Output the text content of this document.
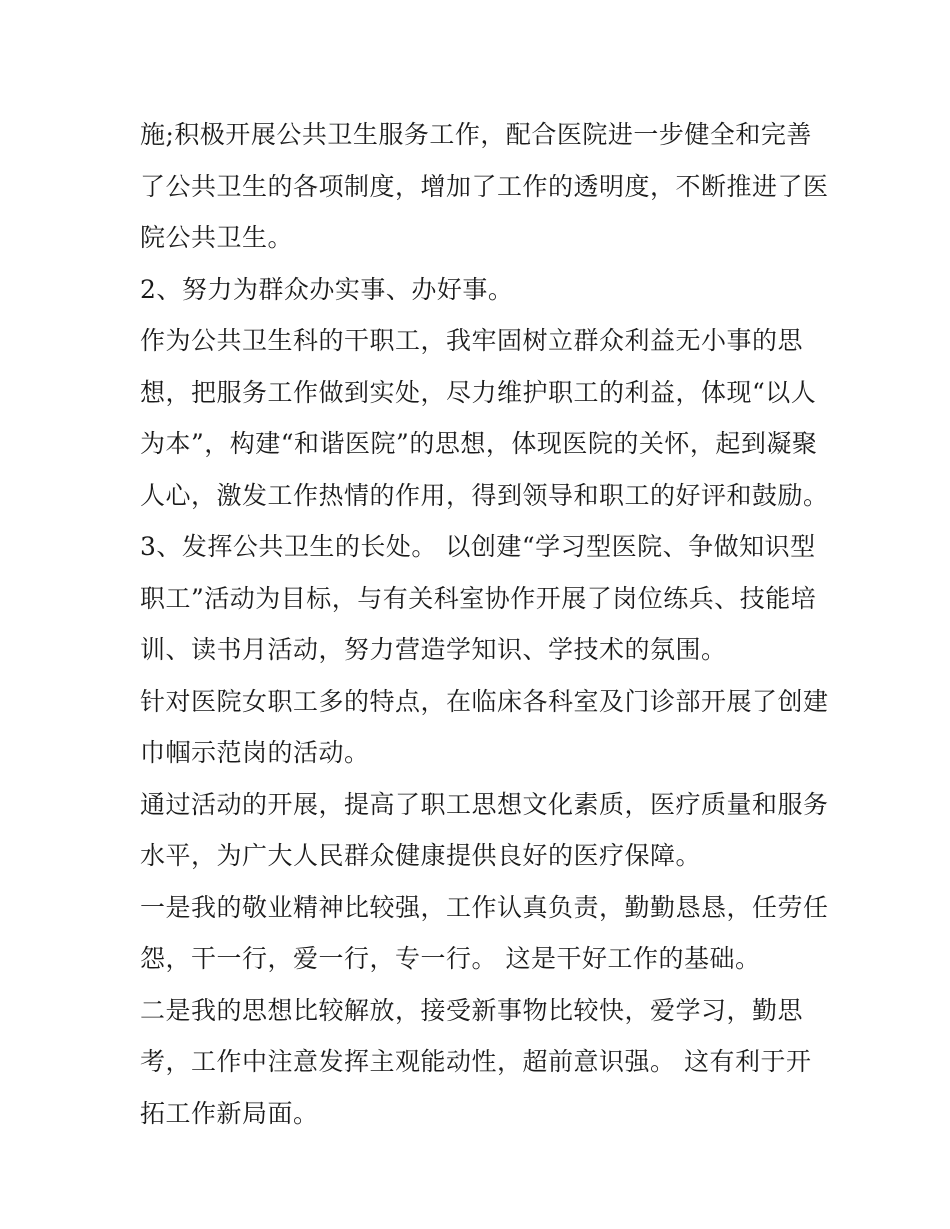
施;积极开展公共卫生服务工作，配合医院进一步健全和完善
了公共卫生的各项制度，增加了工作的透明度，不断推进了医
院公共卫生。
2、努力为群众办实事、办好事。
作为公共卫生科的干职工，我牢固树立群众利益无小事的思
想，把服务工作做到实处，尽力维护职工的利益，体现“以人
为本”，构建“和谐医院”的思想，体现医院的关怀，起到凝聚
人心，激发工作热情的作用，得到领导和职工的好评和鼓励。
3、发挥公共卫生的长处。 以创建“学习型医院、争做知识型
职工”活动为目标，与有关科室协作开展了岗位练兵、技能培
训、读书月活动，努力营造学知识、学技术的氛围。
针对医院女职工多的特点，在临床各科室及门诊部开展了创建
巾帼示范岗的活动。
通过活动的开展，提高了职工思想文化素质，医疗质量和服务
水平，为广大人民群众健康提供良好的医疗保障。
一是我的敬业精神比较强，工作认真负责，勤勤恳恳，任劳任
怨，干一行，爱一行，专一行。 这是干好工作的基础。
二是我的思想比较解放，接受新事物比较快，爱学习，勤思
考，工作中注意发挥主观能动性，超前意识强。 这有利于开
拓工作新局面。
